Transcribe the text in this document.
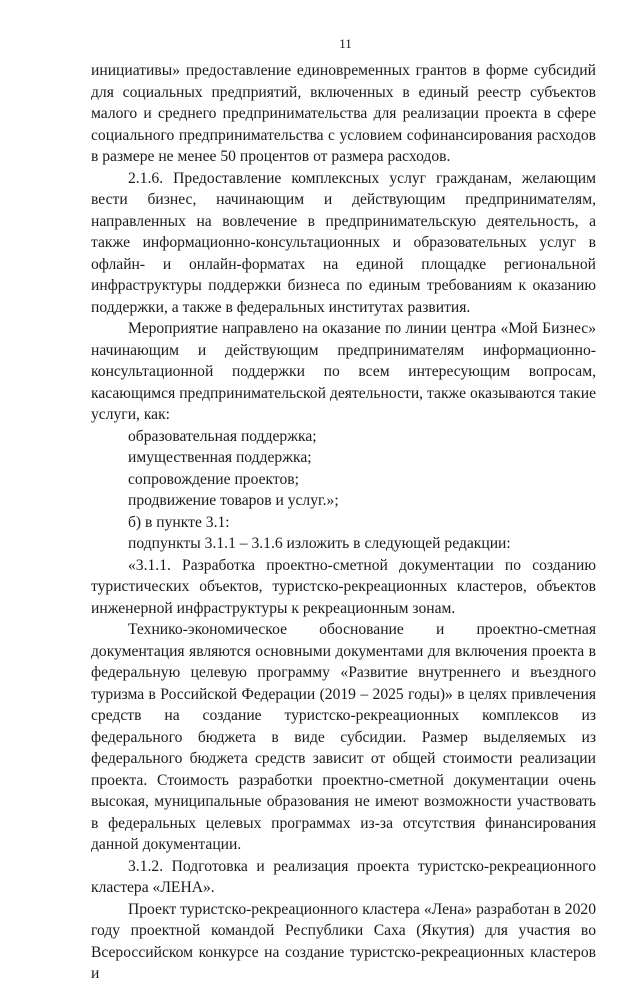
11

инициативы» предоставление единовременных грантов в форме субсидий для социальных предприятий, включенных в единый реестр субъектов малого и среднего предпринимательства для реализации проекта в сфере социального предпринимательства с условием софинансирования расходов в размере не менее 50 процентов от размера расходов.

2.1.6. Предоставление комплексных услуг гражданам, желающим вести бизнес, начинающим и действующим предпринимателям, направленных на вовлечение в предпринимательскую деятельность, а также информационно-консультационных и образовательных услуг в офлайн- и онлайн-форматах на единой площадке региональной инфраструктуры поддержки бизнеса по единым требованиям к оказанию поддержки, а также в федеральных институтах развития.

Мероприятие направлено на оказание по линии центра «Мой Бизнес» начинающим и действующим предпринимателям информационно-консультационной поддержки по всем интересующим вопросам, касающимся предпринимательской деятельности, также оказываются такие услуги, как:

образовательная поддержка;

имущественная поддержка;

сопровождение проектов;

продвижение товаров и услуг.»;

б) в пункте 3.1:

подпункты 3.1.1 – 3.1.6 изложить в следующей редакции:

«3.1.1. Разработка проектно-сметной документации по созданию туристических объектов, туристско-рекреационных кластеров, объектов инженерной инфраструктуры к рекреационным зонам.

Технико-экономическое обоснование и проектно-сметная документация являются основными документами для включения проекта в федеральную целевую программу «Развитие внутреннего и въездного туризма в Российской Федерации (2019 – 2025 годы)» в целях привлечения средств на создание туристско-рекреационных комплексов из федерального бюджета в виде субсидии. Размер выделяемых из федерального бюджета средств зависит от общей стоимости реализации проекта. Стоимость разработки проектно-сметной документации очень высокая, муниципальные образования не имеют возможности участвовать в федеральных целевых программах из-за отсутствия финансирования данной документации.

3.1.2. Подготовка и реализация проекта туристско-рекреационного кластера «ЛЕНА».

Проект туристско-рекреационного кластера «Лена» разработан в 2020 году проектной командой Республики Саха (Якутия) для участия во Всероссийском конкурсе на создание туристско-рекреационных кластеров и
